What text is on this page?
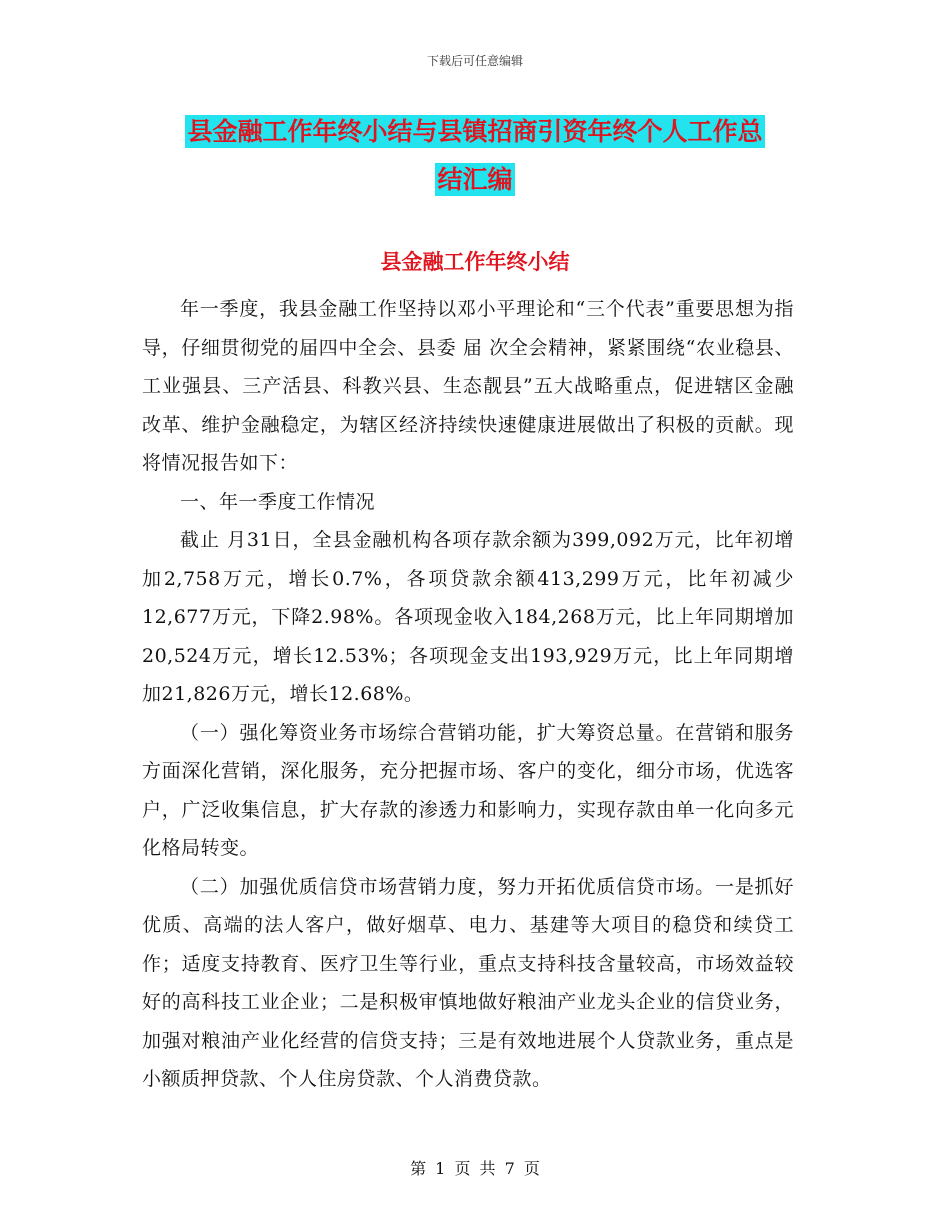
下载后可任意编辑
县金融工作年终小结与县镇招商引资年终个人工作总
结汇编
县金融工作年终小结

年一季度，我县金融工作坚持以邓小平理论和“三个代表”重要思想为指导，仔细贯彻党的届四中全会、县委 届 次全会精神，紧紧围绕“农业稳县、工业强县、三产活县、科教兴县、生态靓县”五大战略重点，促进辖区金融改革、维护金融稳定，为辖区经济持续快速健康进展做出了积极的贡献。现将情况报告如下：

一、年一季度工作情况

截止 月31日，全县金融机构各项存款余额为399,092万元，比年初增加2,758万元，增长0.7%，各项贷款余额413,299万元，比年初减少12,677万元，下降2.98%。各项现金收入184,268万元，比上年同期增加20,524万元，增长12.53%；各项现金支出193,929万元，比上年同期增加21,826万元，增长12.68%。

（一）强化筹资业务市场综合营销功能，扩大筹资总量。在营销和服务方面深化营销，深化服务，充分把握市场、客户的变化，细分市场，优选客户，广泛收集信息，扩大存款的渗透力和影响力，实现存款由单一化向多元化格局转变。

（二）加强优质信贷市场营销力度，努力开拓优质信贷市场。一是抓好优质、高端的法人客户，做好烟草、电力、基建等大项目的稳贷和续贷工作；适度支持教育、医疗卫生等行业，重点支持科技含量较高，市场效益较好的高科技工业企业；二是积极审慎地做好粮油产业龙头企业的信贷业务，加强对粮油产业化经营的信贷支持；三是有效地进展个人贷款业务，重点是小额质押贷款、个人住房贷款、个人消费贷款。

第 1 页 共 7 页
